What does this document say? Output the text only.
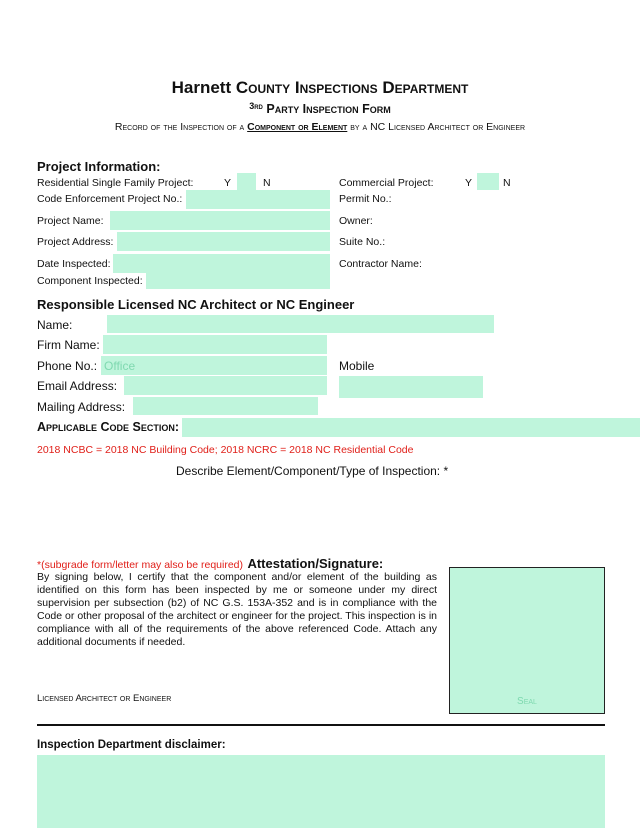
Harnett County Inspections Department
$^{3rd}$ Party Inspection Form
Record of the Inspection of a Component or Element by a NC Licensed Architect or Engineer
Project Information:
Residential Single Family Project:	Y	N	Commercial Project:	Y	N
Code Enforcement Project No.:	Permit No.:
Project Name:	Owner:
Project Address:	Suite No.:
Date Inspected:	Contractor Name:
Component Inspected:
Responsible Licensed NC Architect or NC Engineer
Name:
Firm Name:
Phone No.: Office	Mobile
Email Address:
Mailing Address:
Applicable Code Section:
2018 NCBC = 2018 NC Building Code; 2018 NCRC = 2018 NC Residential Code
Describe Element/Component/Type of Inspection: *
*(subgrade form/letter may also be required) Attestation/Signature:
By signing below, I certify that the component and/or element of the building as identified on this form has been inspected by me or someone under my direct supervision per subsection (b2) of NC G.S. 153A-352 and is in compliance with the Code or other proposal of the architect or engineer for the project. This inspection is in compliance with all of the requirements of the above referenced Code. Attach any additional documents if needed.
Licensed Architect or Engineer	Seal
Inspection Department disclaimer:
